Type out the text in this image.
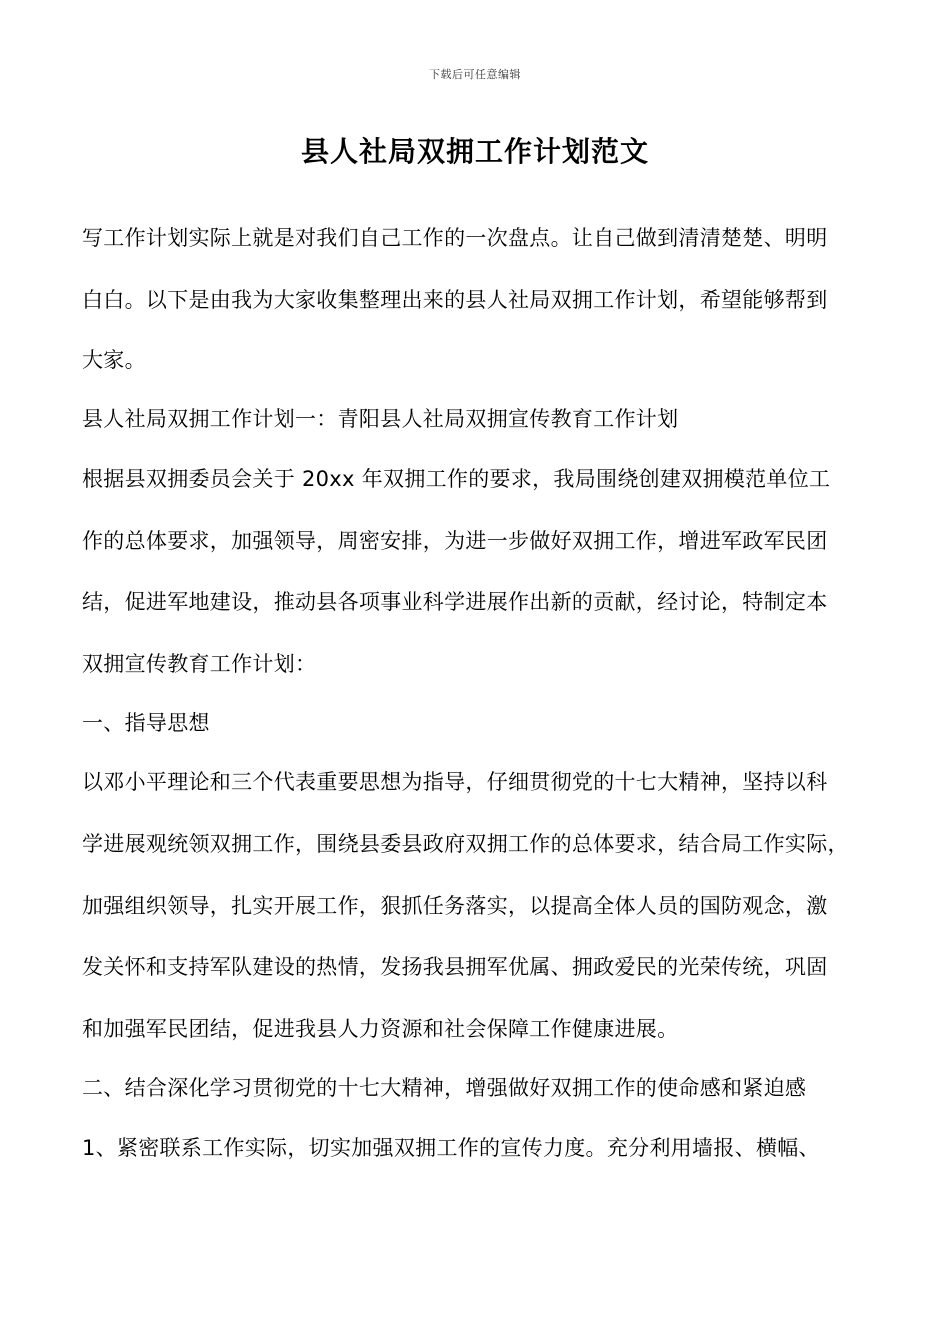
下载后可任意编辑
县人社局双拥工作计划范文
写工作计划实际上就是对我们自己工作的一次盘点。让自己做到清清楚楚、明明
白白。以下是由我为大家收集整理出来的县人社局双拥工作计划，希望能够帮到
大家。
县人社局双拥工作计划一：青阳县人社局双拥宣传教育工作计划
根据县双拥委员会关于 20xx 年双拥工作的要求，我局围绕创建双拥模范单位工
作的总体要求，加强领导，周密安排，为进一步做好双拥工作，增进军政军民团
结，促进军地建设，推动县各项事业科学进展作出新的贡献，经讨论，特制定本
双拥宣传教育工作计划：
一、指导思想
以邓小平理论和三个代表重要思想为指导，仔细贯彻党的十七大精神，坚持以科
学进展观统领双拥工作，围绕县委县政府双拥工作的总体要求，结合局工作实际，
加强组织领导，扎实开展工作，狠抓任务落实，以提高全体人员的国防观念，激
发关怀和支持军队建设的热情，发扬我县拥军优属、拥政爱民的光荣传统，巩固
和加强军民团结，促进我县人力资源和社会保障工作健康进展。
二、结合深化学习贯彻党的十七大精神，增强做好双拥工作的使命感和紧迫感
1、紧密联系工作实际，切实加强双拥工作的宣传力度。充分利用墙报、横幅、
